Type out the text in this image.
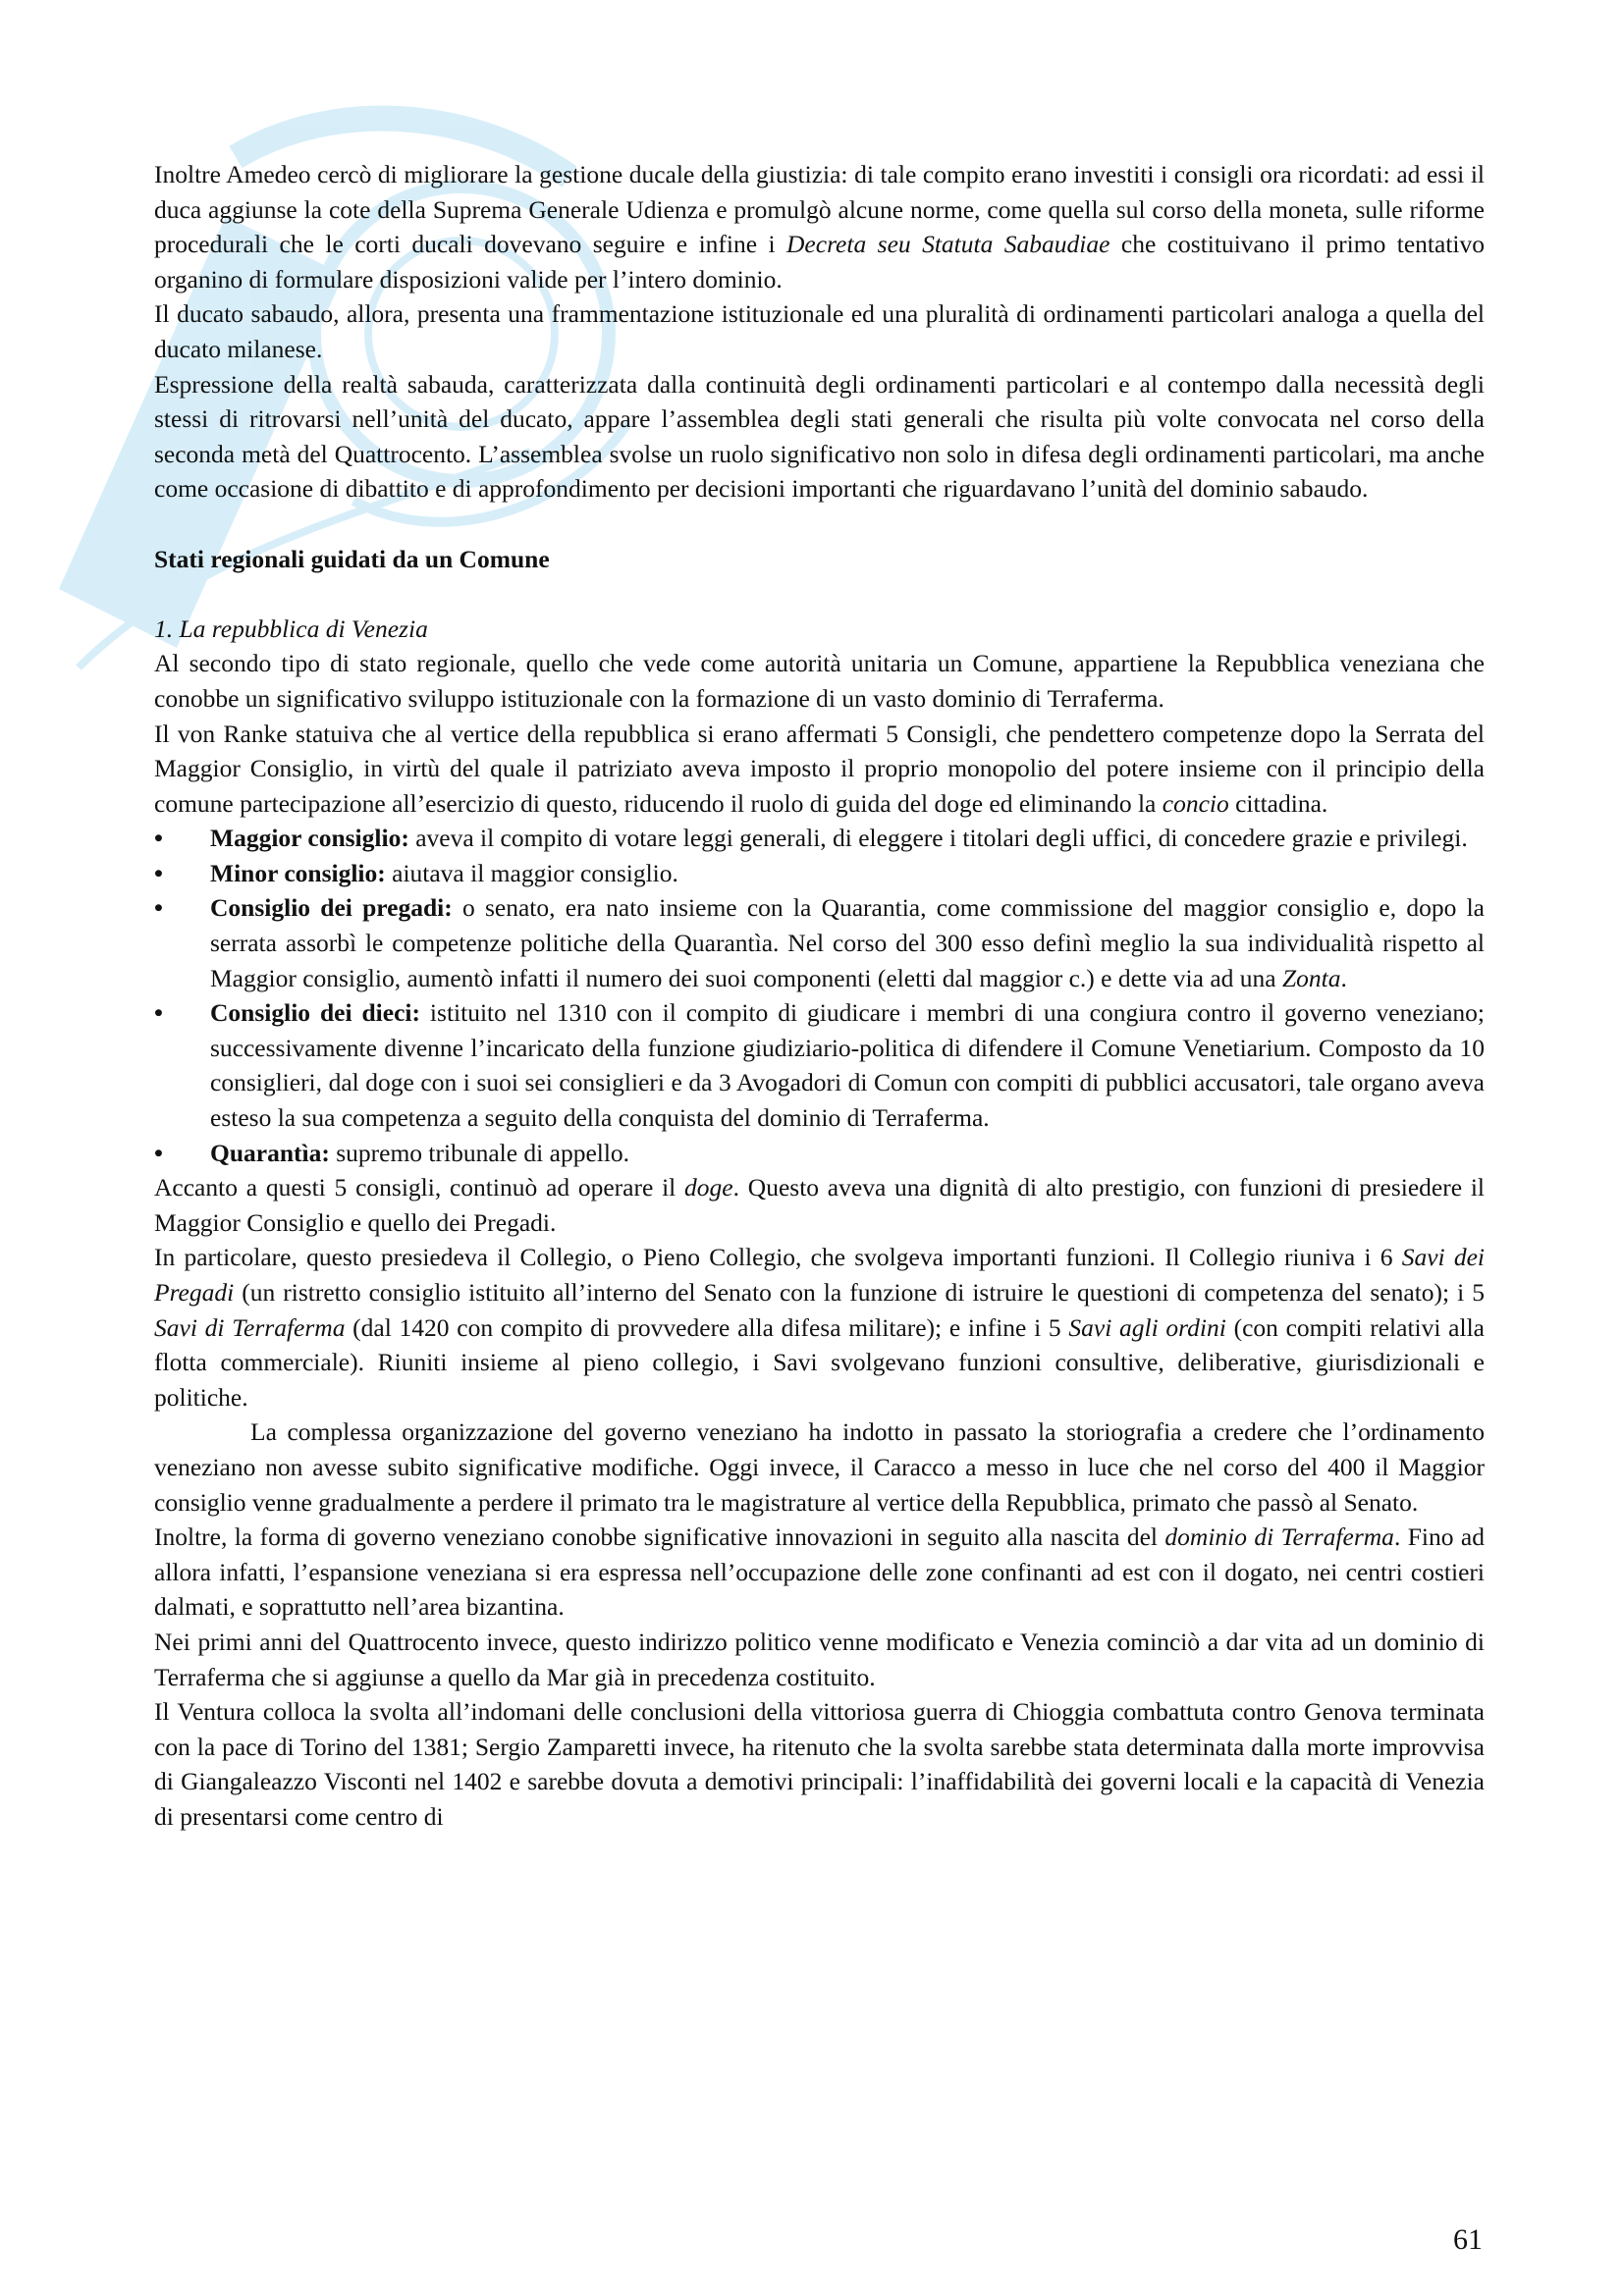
Inoltre Amedeo cercò di migliorare la gestione ducale della giustizia: di tale compito erano investiti i consigli ora ricordati: ad essi il duca aggiunse la cote della Suprema Generale Udienza e promulgò alcune norme, come quella sul corso della moneta, sulle riforme procedurali che le corti ducali dovevano seguire e infine i Decreta seu Statuta Sabaudiae che costituivano il primo tentativo organino di formulare disposizioni valide per l’intero dominio.

Il ducato sabaudo, allora, presenta una frammentazione istituzionale ed una pluralità di ordinamenti particolari analoga a quella del ducato milanese.

Espressione della realtà sabauda, caratterizzata dalla continuità degli ordinamenti particolari e al contempo dalla necessità degli stessi di ritrovarsi nell’unità del ducato, appare l’assemblea degli stati generali che risulta più volte convocata nel corso della seconda metà del Quattrocento. L’assemblea svolse un ruolo significativo non solo in difesa degli ordinamenti particolari, ma anche come occasione di dibattito e di approfondimento per decisioni importanti che riguardavano l’unità del dominio sabaudo.

Stati regionali guidati da un Comune

1. La repubblica di Venezia

Al secondo tipo di stato regionale, quello che vede come autorità unitaria un Comune, appartiene la Repubblica veneziana che conobbe un significativo sviluppo istituzionale con la formazione di un vasto dominio di Terraferma.

Il von Ranke statuiva che al vertice della repubblica si erano affermati 5 Consigli, che pendettero competenze dopo la Serrata del Maggior Consiglio, in virtù del quale il patriziato aveva imposto il proprio monopolio del potere insieme con il principio della comune partecipazione all’esercizio di questo, riducendo il ruolo di guida del doge ed eliminando la concio cittadina.

• Maggior consiglio: aveva il compito di votare leggi generali, di eleggere i titolari degli uffici, di concedere grazie e privilegi.
• Minor consiglio: aiutava il maggior consiglio.
• Consiglio dei pregadi: o senato, era nato insieme con la Quarantia, come commissione del maggior consiglio e, dopo la serrata assorbì le competenze politiche della Quarantìa. Nel corso del 300 esso definì meglio la sua individualità rispetto al Maggior consiglio, aumentò infatti il numero dei suoi componenti (eletti dal maggior c.) e dette via ad una Zonta.
• Consiglio dei dieci: istituito nel 1310 con il compito di giudicare i membri di una congiura contro il governo veneziano; successivamente divenne l’incaricato della funzione giudiziario-politica di difendere il Comune Venetiarium. Composto da 10 consiglieri, dal doge con i suoi sei consiglieri e da 3 Avogadori di Comun con compiti di pubblici accusatori, tale organo aveva esteso la sua competenza a seguito della conquista del dominio di Terraferma.
• Quarantìa: supremo tribunale di appello.

Accanto a questi 5 consigli, continuò ad operare il doge. Questo aveva una dignità di alto prestigio, con funzioni di presiedere il Maggior Consiglio e quello dei Pregadi.

In particolare, questo presiedeva il Collegio, o Pieno Collegio, che svolgeva importanti funzioni. Il Collegio riuniva i 6 Savi dei Pregadi (un ristretto consiglio istituito all’interno del Senato con la funzione di istruire le questioni di competenza del senato); i 5 Savi di Terraferma (dal 1420 con compito di provvedere alla difesa militare); e infine i 5 Savi agli ordini (con compiti relativi alla flotta commerciale). Riuniti insieme al pieno collegio, i Savi svolgevano funzioni consultive, deliberative, giurisdizionali e politiche.

La complessa organizzazione del governo veneziano ha indotto in passato la storiografia a credere che l’ordinamento veneziano non avesse subito significative modifiche. Oggi invece, il Caracco a messo in luce che nel corso del 400 il Maggior consiglio venne gradualmente a perdere il primato tra le magistrature al vertice della Repubblica, primato che passò al Senato.

Inoltre, la forma di governo veneziano conobbe significative innovazioni in seguito alla nascita del dominio di Terraferma. Fino ad allora infatti, l’espansione veneziana si era espressa nell’occupazione delle zone confinanti ad est con il dogato, nei centri costieri dalmati, e soprattutto nell’area bizantina.

Nei primi anni del Quattrocento invece, questo indirizzo politico venne modificato e Venezia cominciò a dar vita ad un dominio di Terraferma che si aggiunse a quello da Mar già in precedenza costituito.

Il Ventura colloca la svolta all’indomani delle conclusioni della vittoriosa guerra di Chioggia combattuta contro Genova terminata con la pace di Torino del 1381; Sergio Zamparetti invece, ha ritenuto che la svolta sarebbe stata determinata dalla morte improvvisa di Giangaleazzo Visconti nel 1402 e sarebbe dovuta a demotivi principali: l’inaffidabilità dei governi locali e la capacità di Venezia di presentarsi come centro di

61
